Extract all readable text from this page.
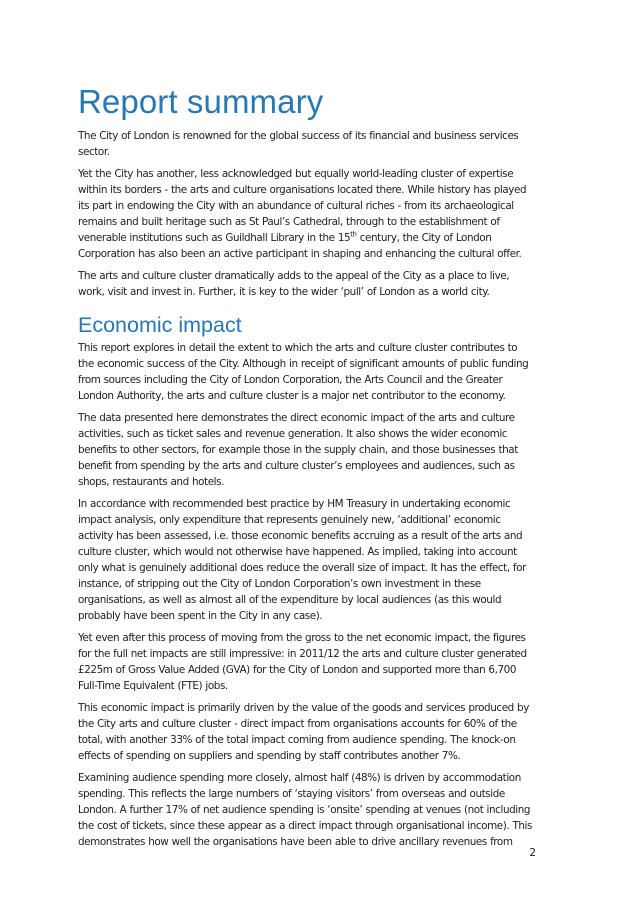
Report summary

The City of London is renowned for the global success of its financial and business services sector.

Yet the City has another, less acknowledged but equally world-leading cluster of expertise within its borders - the arts and culture organisations located there. While history has played its part in endowing the City with an abundance of cultural riches - from its archaeological remains and built heritage such as St Paul’s Cathedral, through to the establishment of venerable institutions such as Guildhall Library in the 15th century, the City of London Corporation has also been an active participant in shaping and enhancing the cultural offer.

The arts and culture cluster dramatically adds to the appeal of the City as a place to live, work, visit and invest in. Further, it is key to the wider ‘pull’ of London as a world city.

Economic impact

This report explores in detail the extent to which the arts and culture cluster contributes to the economic success of the City. Although in receipt of significant amounts of public funding from sources including the City of London Corporation, the Arts Council and the Greater London Authority, the arts and culture cluster is a major net contributor to the economy.

The data presented here demonstrates the direct economic impact of the arts and culture activities, such as ticket sales and revenue generation. It also shows the wider economic benefits to other sectors, for example those in the supply chain, and those businesses that benefit from spending by the arts and culture cluster’s employees and audiences, such as shops, restaurants and hotels.

In accordance with recommended best practice by HM Treasury in undertaking economic impact analysis, only expenditure that represents genuinely new, ‘additional’ economic activity has been assessed, i.e. those economic benefits accruing as a result of the arts and culture cluster, which would not otherwise have happened. As implied, taking into account only what is genuinely additional does reduce the overall size of impact. It has the effect, for instance, of stripping out the City of London Corporation’s own investment in these organisations, as well as almost all of the expenditure by local audiences (as this would probably have been spent in the City in any case).

Yet even after this process of moving from the gross to the net economic impact, the figures for the full net impacts are still impressive: in 2011/12 the arts and culture cluster generated £225m of Gross Value Added (GVA) for the City of London and supported more than 6,700 Full-Time Equivalent (FTE) jobs.

This economic impact is primarily driven by the value of the goods and services produced by the City arts and culture cluster - direct impact from organisations accounts for 60% of the total, with another 33% of the total impact coming from audience spending. The knock-on effects of spending on suppliers and spending by staff contributes another 7%.

Examining audience spending more closely, almost half (48%) is driven by accommodation spending. This reflects the large numbers of ‘staying visitors’ from overseas and outside London. A further 17% of net audience spending is ‘onsite’ spending at venues (not including the cost of tickets, since these appear as a direct impact through organisational income). This demonstrates how well the organisations have been able to drive ancillary revenues from

2
